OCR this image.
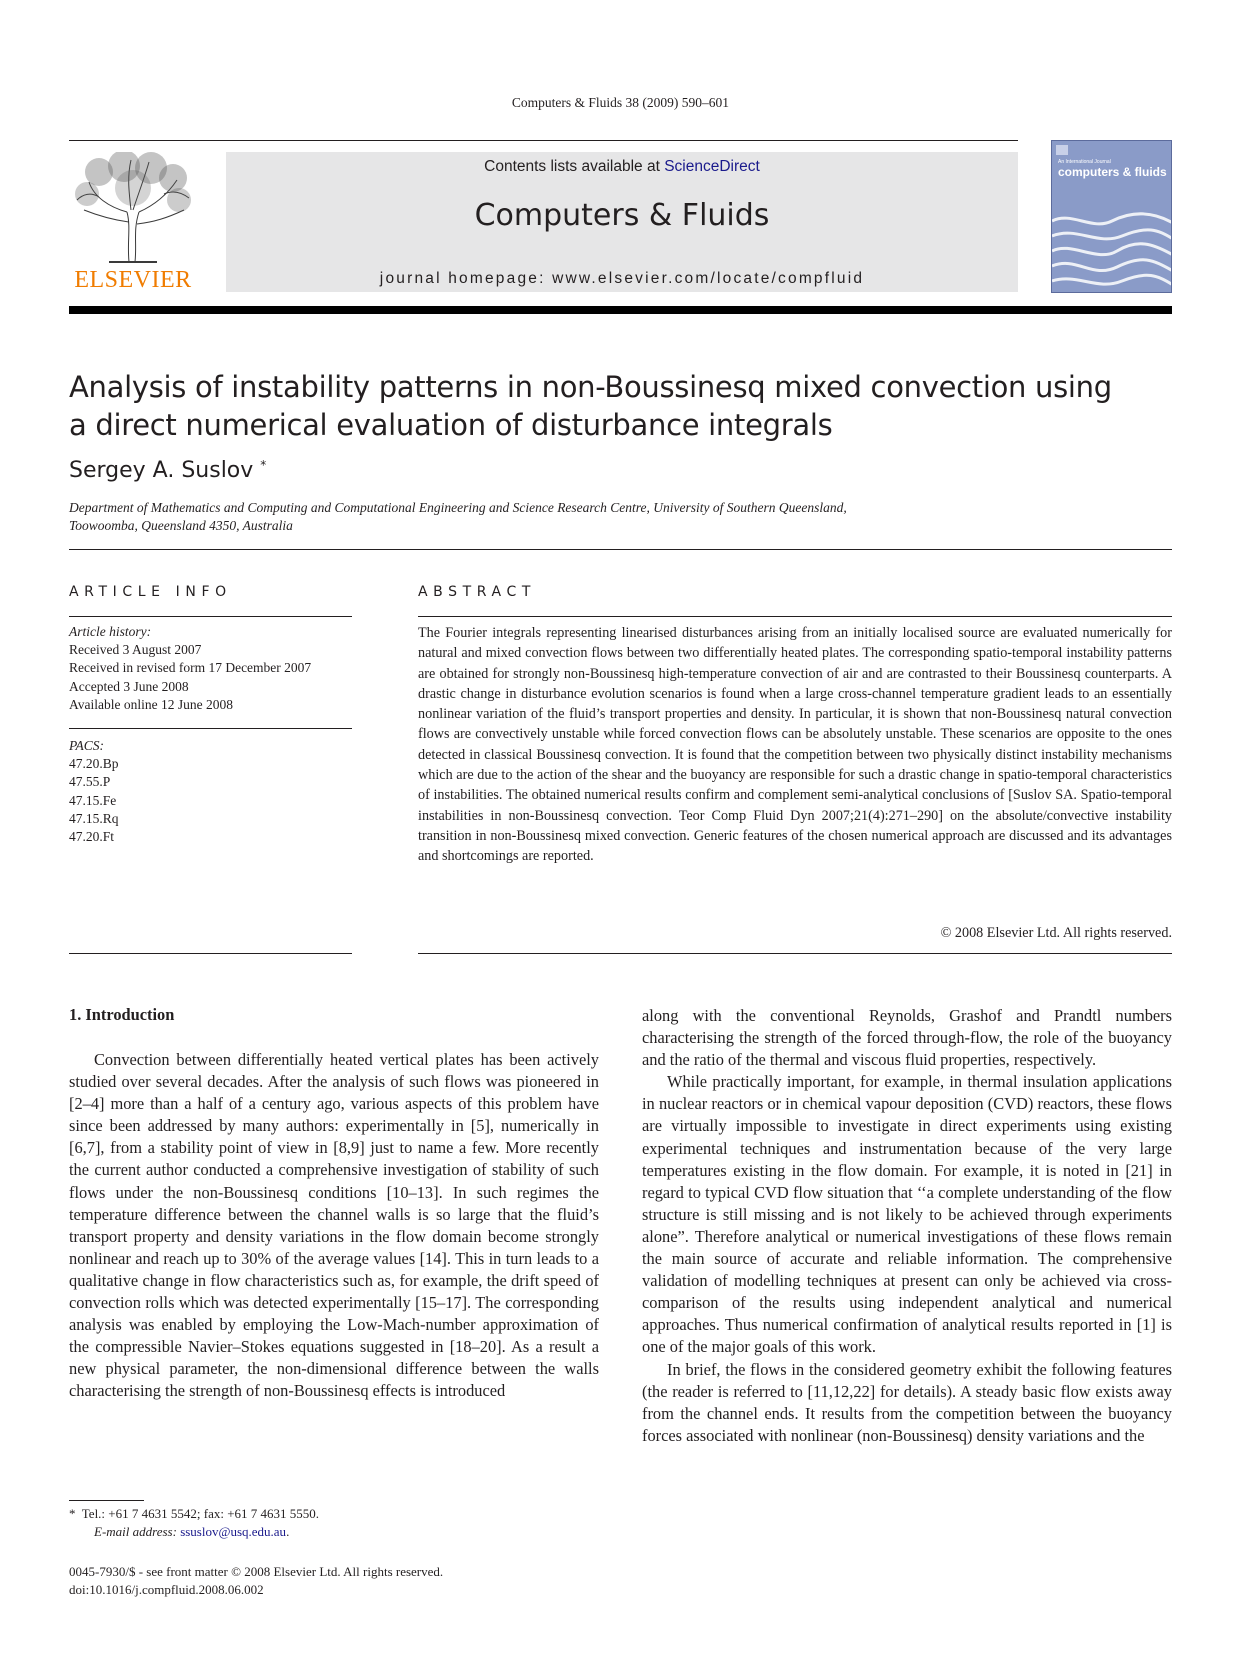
Computers & Fluids 38 (2009) 590–601
ELSEVIER
Contents lists available at ScienceDirect
Computers & Fluids
journal homepage: www.elsevier.com/locate/compfluid
An International Journal
computers & fluids
Analysis of instability patterns in non-Boussinesq mixed convection using
a direct numerical evaluation of disturbance integrals
Sergey A. Suslov *
Department of Mathematics and Computing and Computational Engineering and Science Research Centre, University of Southern Queensland,
Toowoomba, Queensland 4350, Australia
ARTICLE INFO	ABSTRACT
Article history:
Received 3 August 2007
Received in revised form 17 December 2007
Accepted 3 June 2008
Available online 12 June 2008
PACS:
47.20.Bp
47.55.P
47.15.Fe
47.15.Rq
47.20.Ft
The Fourier integrals representing linearised disturbances arising from an initially localised source are evaluated numerically for natural and mixed convection flows between two differentially heated plates. The corresponding spatio-temporal instability patterns are obtained for strongly non-Boussinesq high-temperature convection of air and are contrasted to their Boussinesq counterparts. A drastic change in disturbance evolution scenarios is found when a large cross-channel temperature gradient leads to an essentially nonlinear variation of the fluid’s transport properties and density. In particular, it is shown that non-Boussinesq natural convection flows are convectively unstable while forced convection flows can be absolutely unstable. These scenarios are opposite to the ones detected in classical Boussinesq convection. It is found that the competition between two physically distinct instability mechanisms which are due to the action of the shear and the buoyancy are responsible for such a drastic change in spatio-temporal characteristics of instabilities. The obtained numerical results confirm and complement semi-analytical conclusions of [Suslov SA. Spatio-temporal instabilities in non-Boussinesq convection. Teor Comp Fluid Dyn 2007;21(4):271–290] on the absolute/convective instability transition in non-Boussinesq mixed convection. Generic features of the chosen numerical approach are discussed and its advantages and shortcomings are reported.
© 2008 Elsevier Ltd. All rights reserved.
1. Introduction

Convection between differentially heated vertical plates has been actively studied over several decades. After the analysis of such flows was pioneered in [2–4] more than a half of a century ago, various aspects of this problem have since been addressed by many authors: experimentally in [5], numerically in [6,7], from a stability point of view in [8,9] just to name a few. More recently the current author conducted a comprehensive investigation of stability of such flows under the non-Boussinesq conditions [10–13]. In such regimes the temperature difference between the channel walls is so large that the fluid’s transport property and density variations in the flow domain become strongly nonlinear and reach up to 30% of the average values [14]. This in turn leads to a qualitative change in flow characteristics such as, for example, the drift speed of convection rolls which was detected experimentally [15–17]. The corresponding analysis was enabled by employing the Low-Mach-number approximation of the compressible Navier–Stokes equations suggested in [18–20]. As a result a new physical parameter, the non-dimensional difference between the walls characterising the strength of non-Boussinesq effects is introduced

along with the conventional Reynolds, Grashof and Prandtl numbers characterising the strength of the forced through-flow, the role of the buoyancy and the ratio of the thermal and viscous fluid properties, respectively.

While practically important, for example, in thermal insulation applications in nuclear reactors or in chemical vapour deposition (CVD) reactors, these flows are virtually impossible to investigate in direct experiments using existing experimental techniques and instrumentation because of the very large temperatures existing in the flow domain. For example, it is noted in [21] in regard to typical CVD flow situation that ‘‘a complete understanding of the flow structure is still missing and is not likely to be achieved through experiments alone”. Therefore analytical or numerical investigations of these flows remain the main source of accurate and reliable information. The comprehensive validation of modelling techniques at present can only be achieved via cross-comparison of the results using independent analytical and numerical approaches. Thus numerical confirmation of analytical results reported in [1] is one of the major goals of this work.

In brief, the flows in the considered geometry exhibit the following features (the reader is referred to [11,12,22] for details). A steady basic flow exists away from the channel ends. It results from the competition between the buoyancy forces associated with nonlinear (non-Boussinesq) density variations and the

* Tel.: +61 7 4631 5542; fax: +61 7 4631 5550.
E-mail address: ssuslov@usq.edu.au.
0045-7930/$ - see front matter © 2008 Elsevier Ltd. All rights reserved.
doi:10.1016/j.compfluid.2008.06.002
